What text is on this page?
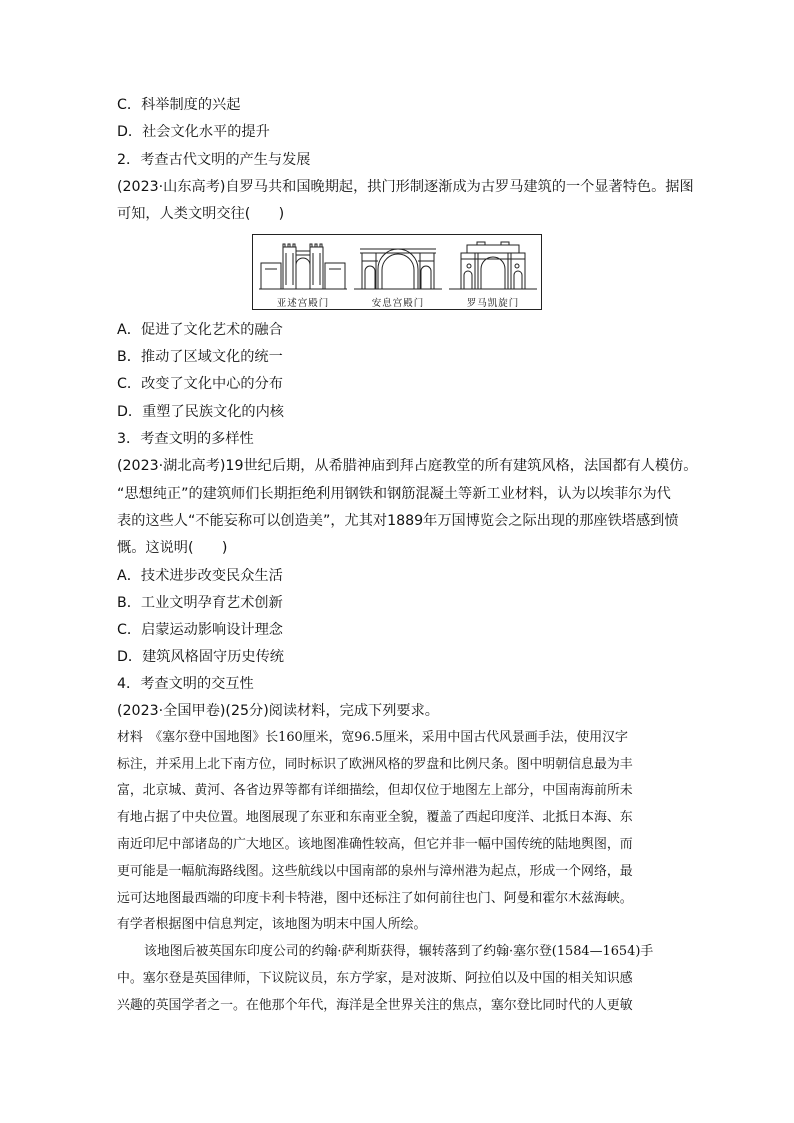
C．科举制度的兴起
D．社会文化水平的提升
2．考查古代文明的产生与发展
(2023·山东高考)自罗马共和国晚期起，拱门形制逐渐成为古罗马建筑的一个显著特色。据图
可知，人类文明交往(　　)
亚述宫殿门	安息宫殿门	罗马凯旋门
A．促进了文化艺术的融合
B．推动了区域文化的统一
C．改变了文化中心的分布
D．重塑了民族文化的内核
3．考查文明的多样性
(2023·湖北高考)19世纪后期，从希腊神庙到拜占庭教堂的所有建筑风格，法国都有人模仿。
“思想纯正”的建筑师们长期拒绝利用钢铁和钢筋混凝土等新工业材料，认为以埃菲尔为代
表的这些人“不能妄称可以创造美”，尤其对1889年万国博览会之际出现的那座铁塔感到愤
慨。这说明(　　)
A．技术进步改变民众生活
B．工业文明孕育艺术创新
C．启蒙运动影响设计理念
D．建筑风格固守历史传统
4．考查文明的交互性
(2023·全国甲卷)(25分)阅读材料，完成下列要求。
材料　《塞尔登中国地图》长160厘米，宽96.5厘米，采用中国古代风景画手法，使用汉字
标注，并采用上北下南方位，同时标识了欧洲风格的罗盘和比例尺条。图中明朝信息最为丰
富，北京城、黄河、各省边界等都有详细描绘，但却仅位于地图左上部分，中国南海前所未
有地占据了中央位置。地图展现了东亚和东南亚全貌，覆盖了西起印度洋、北抵日本海、东
南近印尼中部诸岛的广大地区。该地图准确性较高，但它并非一幅中国传统的陆地舆图，而
更可能是一幅航海路线图。这些航线以中国南部的泉州与漳州港为起点，形成一个网络，最
远可达地图最西端的印度卡利卡特港，图中还标注了如何前往也门、阿曼和霍尔木兹海峡。
有学者根据图中信息判定，该地图为明末中国人所绘。
该地图后被英国东印度公司的约翰·萨利斯获得，辗转落到了约翰·塞尔登(1584—1654)手
中。塞尔登是英国律师，下议院议员，东方学家，是对波斯、阿拉伯以及中国的相关知识感
兴趣的英国学者之一。在他那个年代，海洋是全世界关注的焦点，塞尔登比同时代的人更敏
